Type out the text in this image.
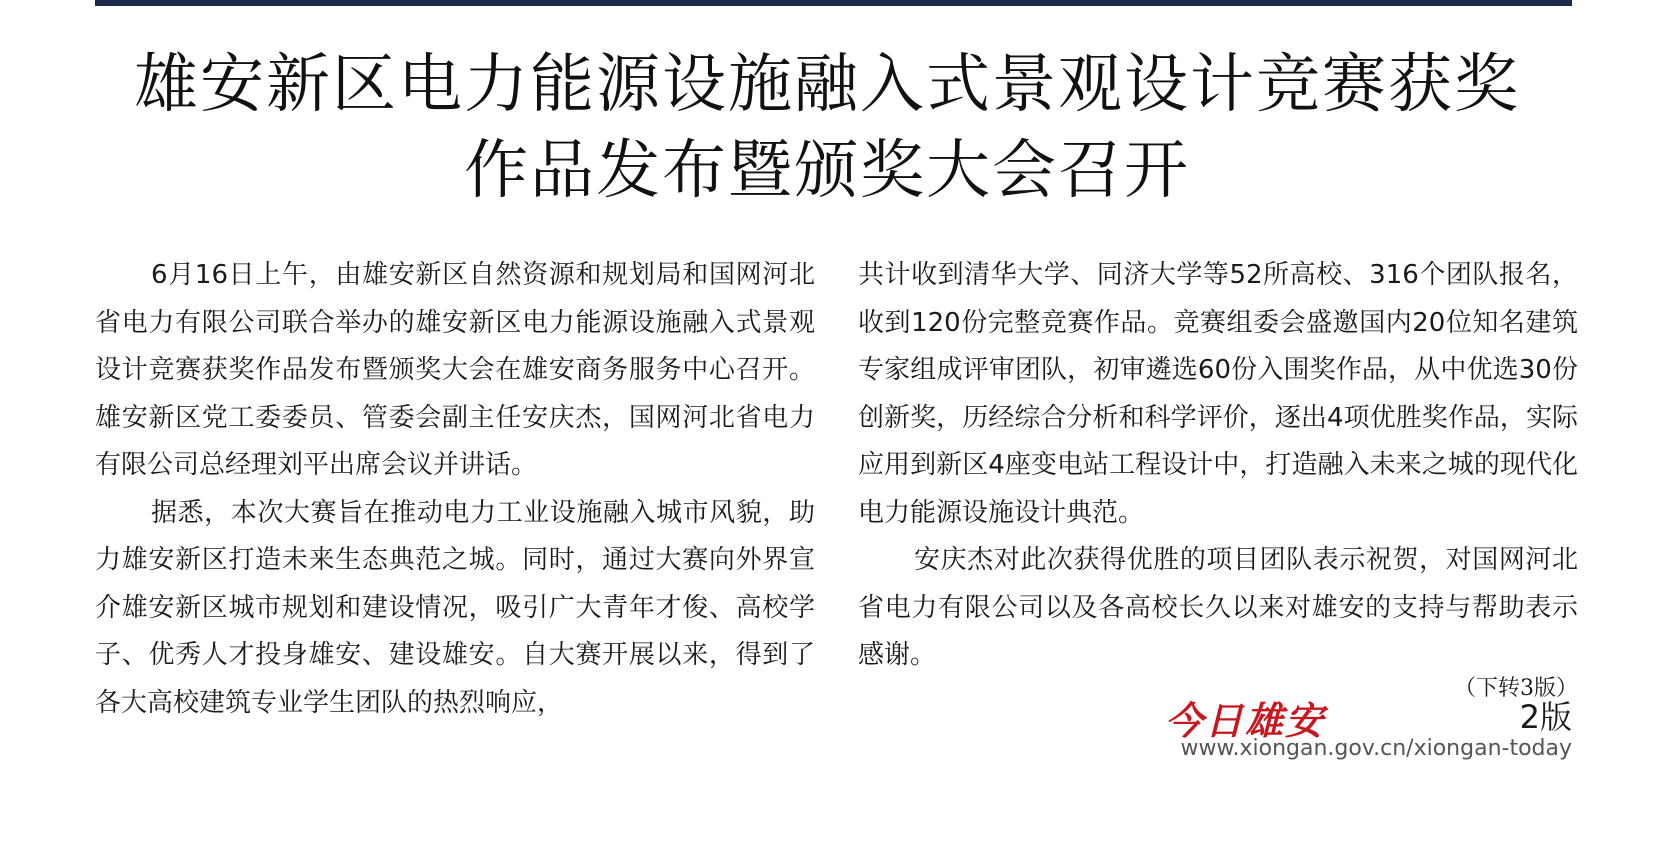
雄安新区电力能源设施融入式景观设计竞赛获奖
作品发布暨颁奖大会召开

6月16日上午，由雄安新区自然资源和规划局和国网河北省电力有限公司联合举办的雄安新区电力能源设施融入式景观设计竞赛获奖作品发布暨颁奖大会在雄安商务服务中心召开。雄安新区党工委委员、管委会副主任安庆杰，国网河北省电力有限公司总经理刘平出席会议并讲话。

据悉，本次大赛旨在推动电力工业设施融入城市风貌，助力雄安新区打造未来生态典范之城。同时，通过大赛向外界宣介雄安新区城市规划和建设情况，吸引广大青年才俊、高校学子、优秀人才投身雄安、建设雄安。自大赛开展以来，得到了各大高校建筑专业学生团队的热烈响应，

共计收到清华大学、同济大学等52所高校、316个团队报名，收到120份完整竞赛作品。竞赛组委会盛邀国内20位知名建筑专家组成评审团队，初审遴选60份入围奖作品，从中优选30份创新奖，历经综合分析和科学评价，逐出4项优胜奖作品，实际应用到新区4座变电站工程设计中，打造融入未来之城的现代化电力能源设施设计典范。

安庆杰对此次获得优胜的项目团队表示祝贺，对国网河北省电力有限公司以及各高校长久以来对雄安的支持与帮助表示感谢。

（下转3版）
今日雄安	2版
www.xiongan.gov.cn/xiongan-today
